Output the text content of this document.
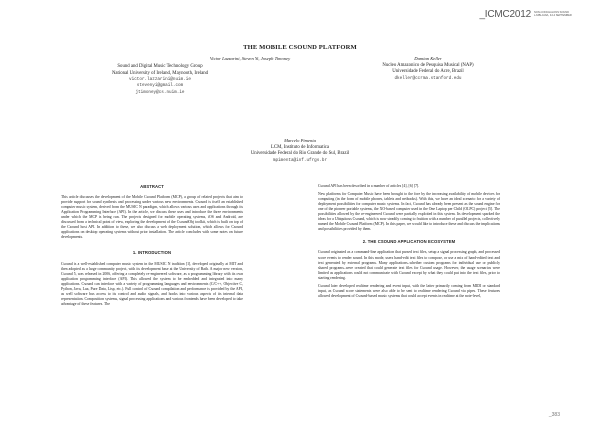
_ICMC2012 NON-CONCHALONS SOUND LJUBLJANA, 9-14 SEPTEMBER
THE MOBILE CSOUND PLATFORM
Victor Lazzarini, Steven Yi, Joseph Timoney
Sound and Digital Music Technology Group
National University of Ireland, Maynooth, Ireland
victor.lazzarini@nuim.ie
stevenyi@gmail.com
jtimoney@cs.nuim.ie
Damian Keller
Nucleo Amazonico de Pesquisa Musical (NAP)
Universidade Federal do Acre, Brazil
dkeller@ccrma.stanford.edu
Marcelo Pimenta
LCM, Instituto de Informatica
Universidade Federal do Rio Grande do Sul, Brazil
mpimenta@inf.ufrgs.br
ABSTRACT

This article discusses the development of the Mobile Csound Platform (MCP), a group of related projects that aim to provide support for sound synthesis and processing under various new environments. Csound is itself an established computer music system, derived from the MUSIC N paradigm, which allows various uses and applications through its Application Programming Interface (API). In the article, we discuss these uses and introduce the three environments under which the MCP is being run. The projects designed for mobile operating systems, iOS and Android, are discussed from a technical point of view, exploring the development of the CsoundObj toolkit, which is built on top of the Csound host API. In addition to these, we also discuss a web deployment solution, which allows for Csound applications on desktop operating systems without prior installation. The article concludes with some notes on future developments.

1. INTRODUCTION

Csound is a well-established computer music system in the MUSIC N tradition [1], developed originally at MIT and then adopted as a large community project, with its development base at the University of Bath. A major new version, Csound 5, was released in 2006, offering a completely re-engineered software, as a programming library with its own application programming interface (API). This allowed the system to be embedded and integrated into many applications. Csound can interface with a variety of programming languages and environments (C/C++, Objective C, Python, Java, Lua, Pure Data, Lisp, etc.). Full control of Csound compilation and performance is provided by the API, as well software bus access to its control and audio signals, and hooks into various aspects of its internal data representation. Composition systems, signal processing applications and various frontends have been developed to take advantage of these features. The

Csound API has been described in a number of articles [4], [6] [7].

New platforms for Computer Music have been brought to the fore by the increasing availability of mobile devices for computing (in the form of mobile phones, tablets and netbooks). With this, we have an ideal scenario for a variety of deployment possibilities for computer music systems. In fact, Csound has already been present as the sound engine for one of the pioneer portable systems, the XO-based computer used in the One Laptop per Child (OLPC) project [5]. The possibilities allowed by the re-engineered Csound were partially exploited in this system. Its development sparked the ideas for a Ubiquitous Csound, which is now steadily coming to fruition with a number of parallel projects, collectively named the Mobile Csound Platform (MCP). In this paper, we would like to introduce these and discuss the implications and possibilities provided by them.

2. THE CSOUND APPLICATION ECOSYSTEM

Csound originated as a command-line application that parsed text files, setup a signal processing graph, and processed score events to render sound. In this mode, users hand-edit text files to compose, or use a mix of hand-edited text and text generated by external programs. Many applications–whether custom programs for individual use or publicly shared programs–were created that could generate text files for Csound usage. However, the usage scenarios were limited as applications could not communicate with Csound except by what they could put into the text files, prior to starting rendering.

Csound later developed realtime rendering and event input, with the latter primarily coming from MIDI or standard input, as Csound score statements were also able to be sent to realtime rendering Csound via pipes. These features allowed development of Csound-based music systems that could accept events in realtime at the note-level,

_383
